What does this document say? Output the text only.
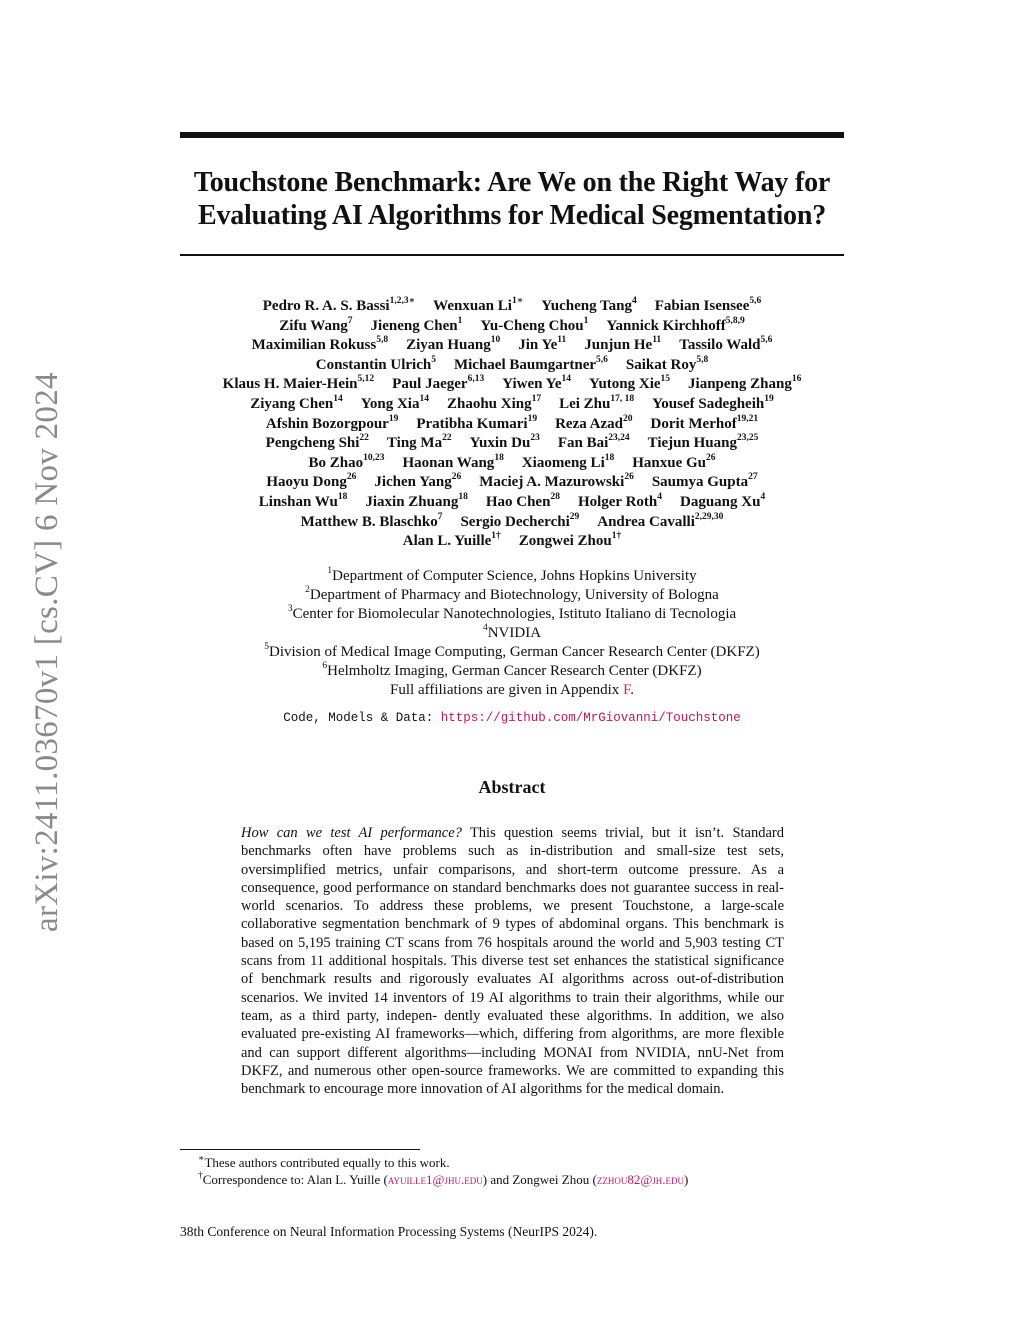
arXiv:2411.03670v1 [cs.CV] 6 Nov 2024
Touchstone Benchmark: Are We on the Right Way for
Evaluating AI Algorithms for Medical Segmentation?
Pedro R. A. S. Bassi$^{1,2,3∗}$ Wenxuan $Li^{1∗}$ Yucheng Tang$^4$ Fabian Isensee$^{5,6}$
Zifu Wang$^7$ Jieneng Chen$^1$ Yu-Cheng Chou$^1$ Yannick Kirchhoff$^{5,8,9}$
Maximilian Rokuss$^{5,8}$ Ziyan Huang$^{10}$ Jin Ye$^{11}$ Junjun He$^{11}$ Tassilo Wald$^{5,6}$
Constantin Ulrich$^5$ Michael Baumgartner$^{5,6}$ Saikat Roy$^{5,8}$
Klaus H. Maier-Hein$^{5,12}$ Paul Jaeger$^{6,13}$ Yiwen Ye$^{14}$ Yutong Xie$^{15}$ Jianpeng Zhang$^{16}$
Ziyang Chen$^{14}$ Yong Xia$^{14}$ Zhaohu Xing$^{17}$ Lei Zhu$^{17, 18}$ Yousef Sadegheih$^{19}$
Afshin Bozorgpour$^{19}$ Pratibha Kumari$^{19}$ Reza Azad$^{20}$ Dorit Merhof$^{19,21}$
Pengcheng Shi$^{22}$ Ting Ma$^{22}$ Yuxin Du$^{23}$ Fan Bai$^{23,24}$ Tiejun Huang$^{23,25}$
Bo Zhao$^{10,23}$ Haonan Wang$^{18}$ Xiaomeng Li$^{18}$ Hanxue Gu$^{26}$
Haoyu Dong$^{26}$ Jichen Yang$^{26}$ Maciej A. Mazurowski$^{26}$ Saumya Gupta$^{27}$
Linshan Wu$^{18}$ Jiaxin Zhuang$^{18}$ Hao Chen$^{28}$ Holger Roth$^4$ Daguang Xu$^4$
Matthew B. Blaschko$^7$ Sergio Decherchi$^{29}$ Andrea Cavalli$^{2,29,30}$
Alan L. Yuille$^{1\dagger}$ Zongwei Zhou$^{1\dagger}$
$^1$Department of Computer Science, Johns Hopkins University
$^2$Department of Pharmacy and Biotechnology, University of Bologna
$^3$Center for Biomolecular Nanotechnologies, Istituto Italiano di Tecnologia
$^4$NVIDIA
$^5$Division of Medical Image Computing, German Cancer Research Center (DKFZ)
$^6$Helmholtz Imaging, German Cancer Research Center (DKFZ)
Full affiliations are given in Appendix F.
Code, Models & Data: https://github.com/MrGiovanni/Touchstone
Abstract
How can we test AI performance? This question seems trivial, but it isn’t. Standard benchmarks often have problems such as in-distribution and small-size test sets, oversimplified metrics, unfair comparisons, and short-term outcome pressure. As a consequence, good performance on standard benchmarks does not guarantee success in real-world scenarios. To address these problems, we present Touchstone, a large-scale collaborative segmentation benchmark of 9 types of abdominal organs. This benchmark is based on 5,195 training CT scans from 76 hospitals around the world and 5,903 testing CT scans from 11 additional hospitals. This diverse test set enhances the statistical significance of benchmark results and rigorously evaluates AI algorithms across out-of-distribution scenarios. We invited 14 inventors of 19 AI algorithms to train their algorithms, while our team, as a third party, indepen- dently evaluated these algorithms. In addition, we also evaluated pre-existing AI frameworks—which, differing from algorithms, are more flexible and can support different algorithms—including MONAI from NVIDIA, nnU-Net from DKFZ, and numerous other open-source frameworks. We are committed to expanding this benchmark to encourage more innovation of AI algorithms for the medical domain.
∗These authors contributed equally to this work.
†Correspondence to: Alan L. Yuille (ayuille1@jhu.edu) and Zongwei Zhou (zzhou82@jh.edu)
38th Conference on Neural Information Processing Systems (NeurIPS 2024).
